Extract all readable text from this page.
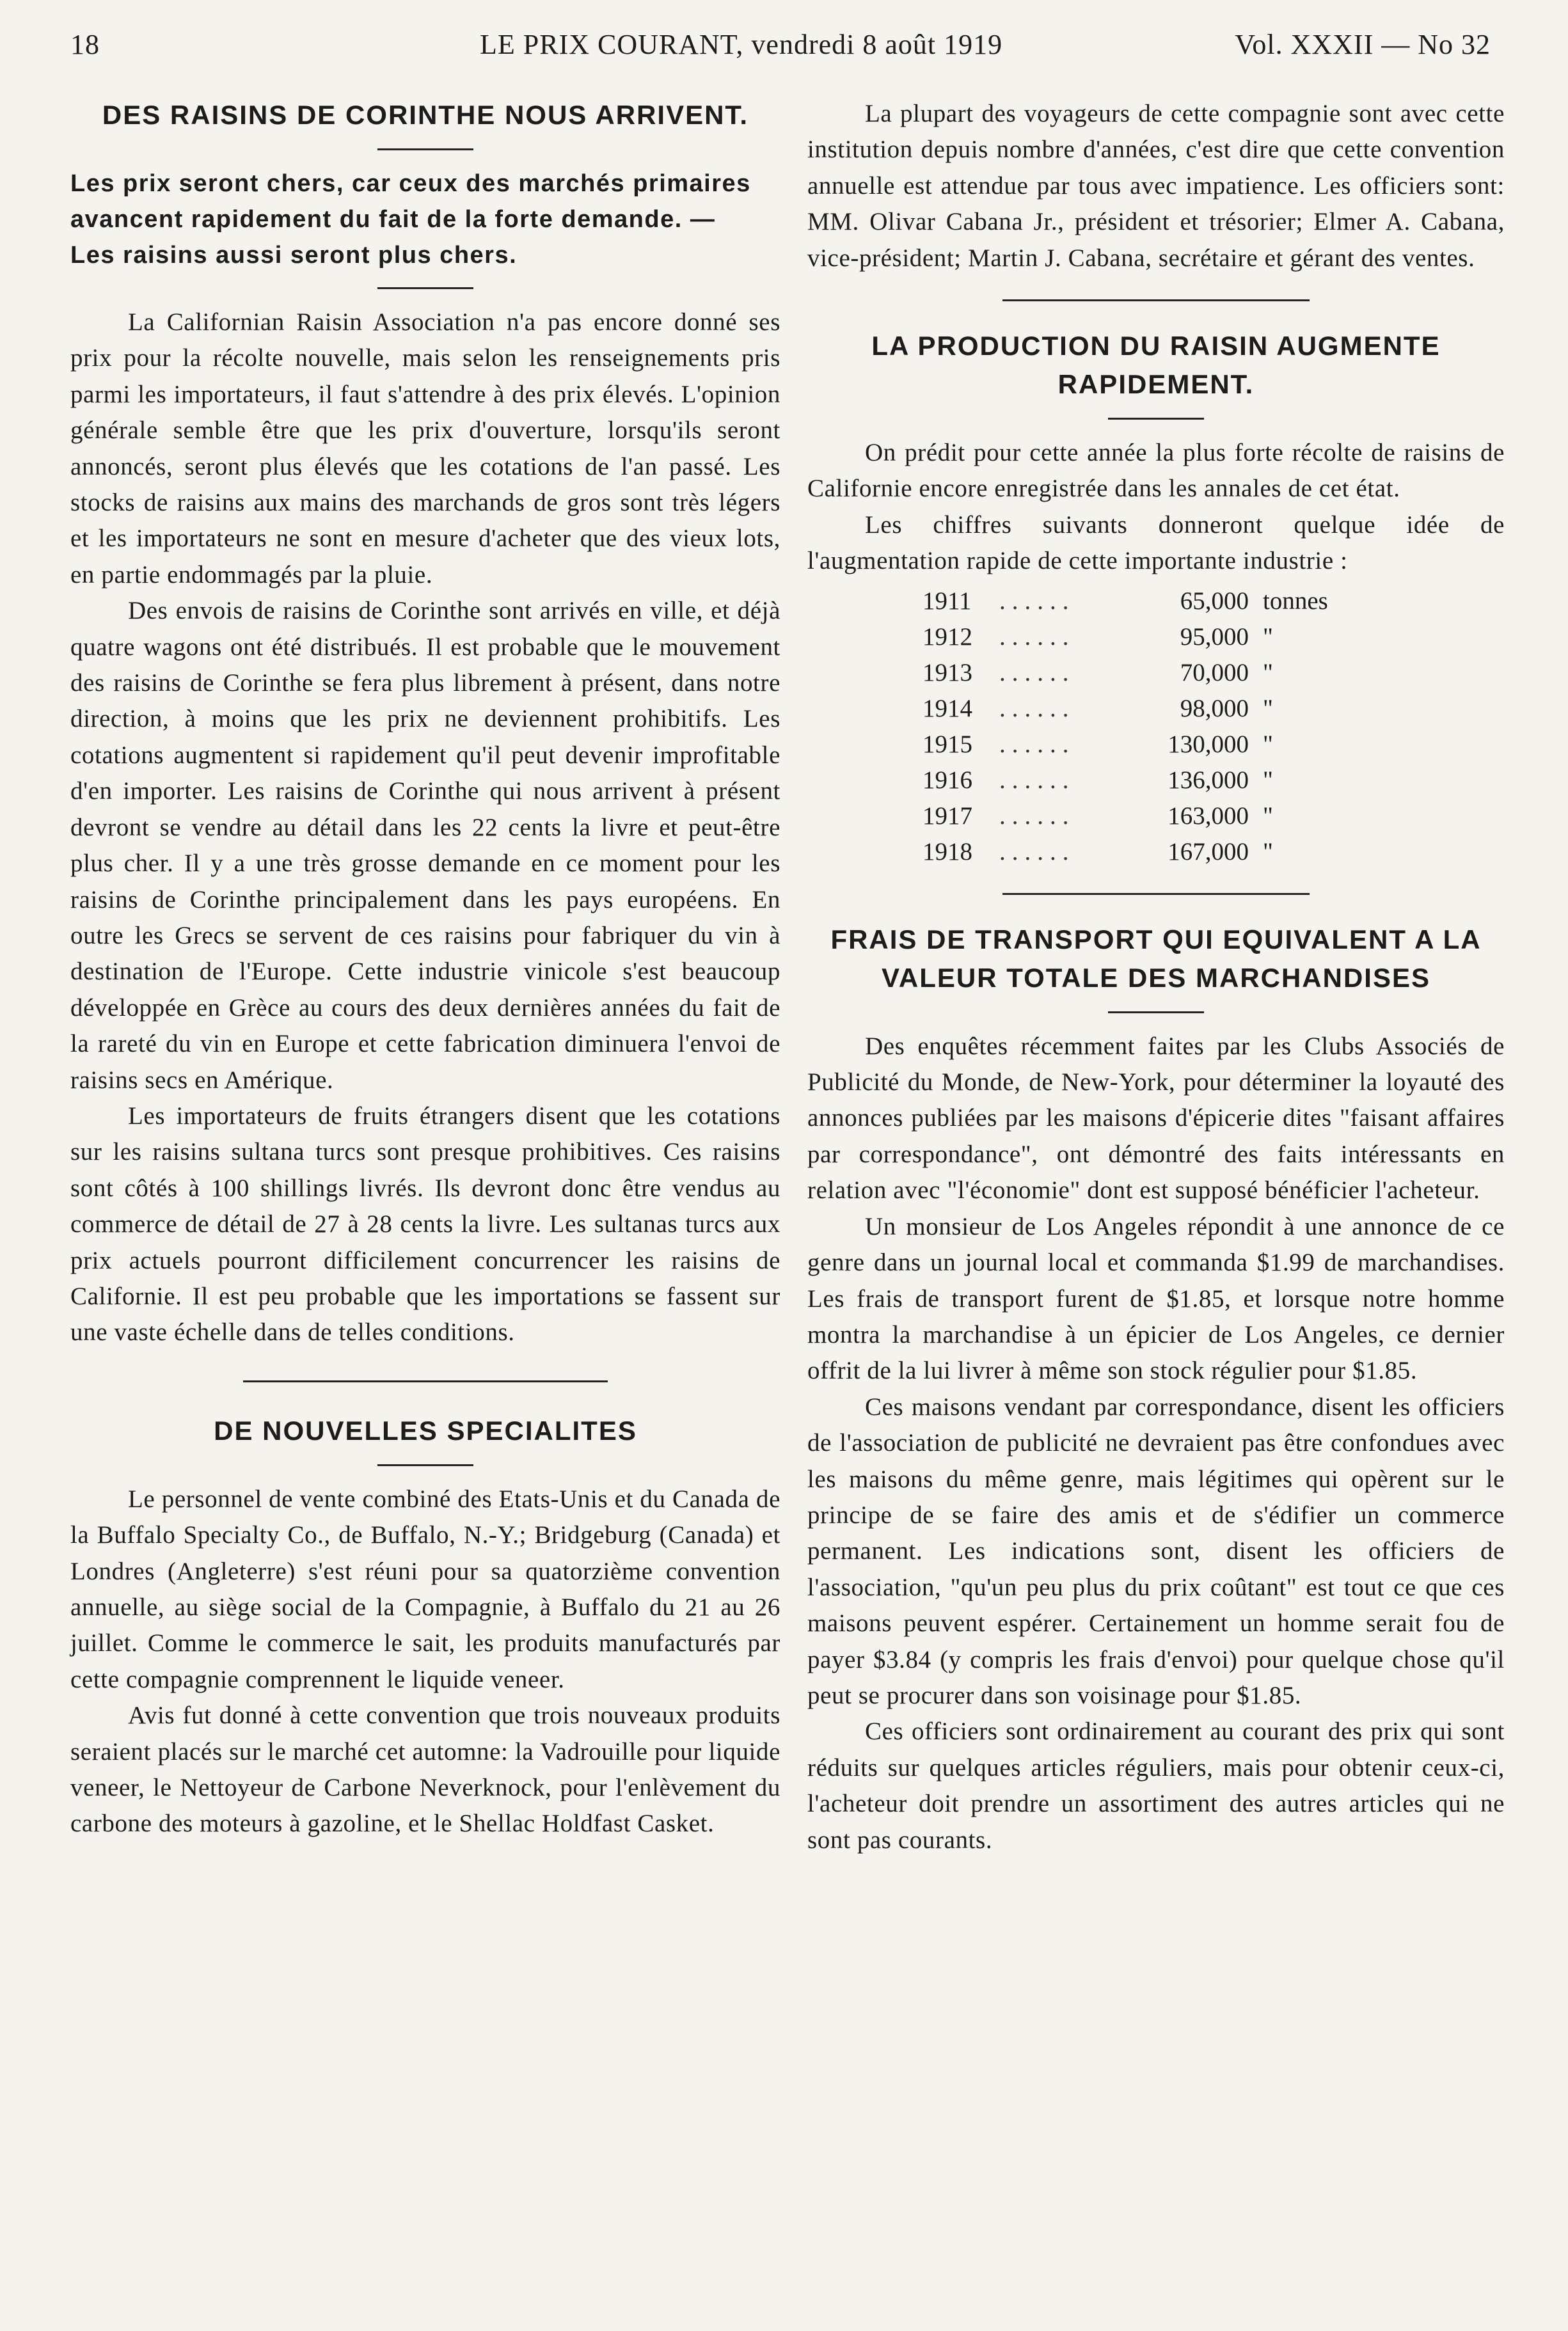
18	LE PRIX COURANT, vendredi 8 août 1919	Vol. XXXII — No 32
DES RAISINS DE CORINTHE NOUS ARRIVENT.

Les prix seront chers, car ceux des marchés primaires avancent rapidement du fait de la forte demande. — Les raisins aussi seront plus chers.

La Californian Raisin Association n'a pas encore donné ses prix pour la récolte nouvelle, mais selon les renseignements pris parmi les importateurs, il faut s'attendre à des prix élevés. L'opinion générale semble être que les prix d'ouverture, lorsqu'ils seront annoncés, seront plus élevés que les cotations de l'an passé. Les stocks de raisins aux mains des marchands de gros sont très légers et les importateurs ne sont en mesure d'acheter que des vieux lots, en partie endommagés par la pluie.

Des envois de raisins de Corinthe sont arrivés en ville, et déjà quatre wagons ont été distribués. Il est probable que le mouvement des raisins de Corinthe se fera plus librement à présent, dans notre direction, à moins que les prix ne deviennent prohibitifs. Les cotations augmentent si rapidement qu'il peut devenir improfitable d'en importer. Les raisins de Corinthe qui nous arrivent à présent devront se vendre au détail dans les 22 cents la livre et peut-être plus cher. Il y a une très grosse demande en ce moment pour les raisins de Corinthe principalement dans les pays européens. En outre les Grecs se servent de ces raisins pour fabriquer du vin à destination de l'Europe. Cette industrie vinicole s'est beaucoup développée en Grèce au cours des deux dernières années du fait de la rareté du vin en Europe et cette fabrication diminuera l'envoi de raisins secs en Amérique.

Les importateurs de fruits étrangers disent que les cotations sur les raisins sultana turcs sont presque prohibitives. Ces raisins sont côtés à 100 shillings livrés. Ils devront donc être vendus au commerce de détail de 27 à 28 cents la livre. Les sultanas turcs aux prix actuels pourront difficilement concurrencer les raisins de Californie. Il est peu probable que les importations se fassent sur une vaste échelle dans de telles conditions.

DE NOUVELLES SPECIALITES

Le personnel de vente combiné des Etats-Unis et du Canada de la Buffalo Specialty Co., de Buffalo, N.-Y.; Bridgeburg (Canada) et Londres (Angleterre) s'est réuni pour sa quatorzième convention annuelle, au siège social de la Compagnie, à Buffalo du 21 au 26 juillet. Comme le commerce le sait, les produits manufacturés par cette compagnie comprennent le liquide veneer.

Avis fut donné à cette convention que trois nouveaux produits seraient placés sur le marché cet automne: la Vadrouille pour liquide veneer, le Nettoyeur de Carbone Neverknock, pour l'enlèvement du carbone des moteurs à gazoline, et le Shellac Holdfast Casket.

La plupart des voyageurs de cette compagnie sont avec cette institution depuis nombre d'années, c'est dire que cette convention annuelle est attendue par tous avec impatience. Les officiers sont: MM. Olivar Cabana Jr., président et trésorier; Elmer A. Cabana, vice-président; Martin J. Cabana, secrétaire et gérant des ventes.

LA PRODUCTION DU RAISIN AUGMENTE RAPIDEMENT.

On prédit pour cette année la plus forte récolte de raisins de Californie encore enregistrée dans les annales de cet état.

Les chiffres suivants donneront quelque idée de l'augmentation rapide de cette importante industrie :

1911	......	65,000	tonnes
1912	......	95,000	"
1913	......	70,000	"
1914	......	98,000	"
1915	......	130,000	"
1916	......	136,000	"
1917	......	163,000	"
1918	......	167,000	"
FRAIS DE TRANSPORT QUI EQUIVALENT A LA VALEUR TOTALE DES MARCHANDISES

Des enquêtes récemment faites par les Clubs Associés de Publicité du Monde, de New-York, pour déterminer la loyauté des annonces publiées par les maisons d'épicerie dites "faisant affaires par correspondance", ont démontré des faits intéressants en relation avec "l'économie" dont est supposé bénéficier l'acheteur.

Un monsieur de Los Angeles répondit à une annonce de ce genre dans un journal local et commanda $1.99 de marchandises. Les frais de transport furent de $1.85, et lorsque notre homme montra la marchandise à un épicier de Los Angeles, ce dernier offrit de la lui livrer à même son stock régulier pour $1.85.

Ces maisons vendant par correspondance, disent les officiers de l'association de publicité ne devraient pas être confondues avec les maisons du même genre, mais légitimes qui opèrent sur le principe de se faire des amis et de s'édifier un commerce permanent. Les indications sont, disent les officiers de l'association, "qu'un peu plus du prix coûtant" est tout ce que ces maisons peuvent espérer. Certainement un homme serait fou de payer $3.84 (y compris les frais d'envoi) pour quelque chose qu'il peut se procurer dans son voisinage pour $1.85.

Ces officiers sont ordinairement au courant des prix qui sont réduits sur quelques articles réguliers, mais pour obtenir ceux-ci, l'acheteur doit prendre un assortiment des autres articles qui ne sont pas courants.
